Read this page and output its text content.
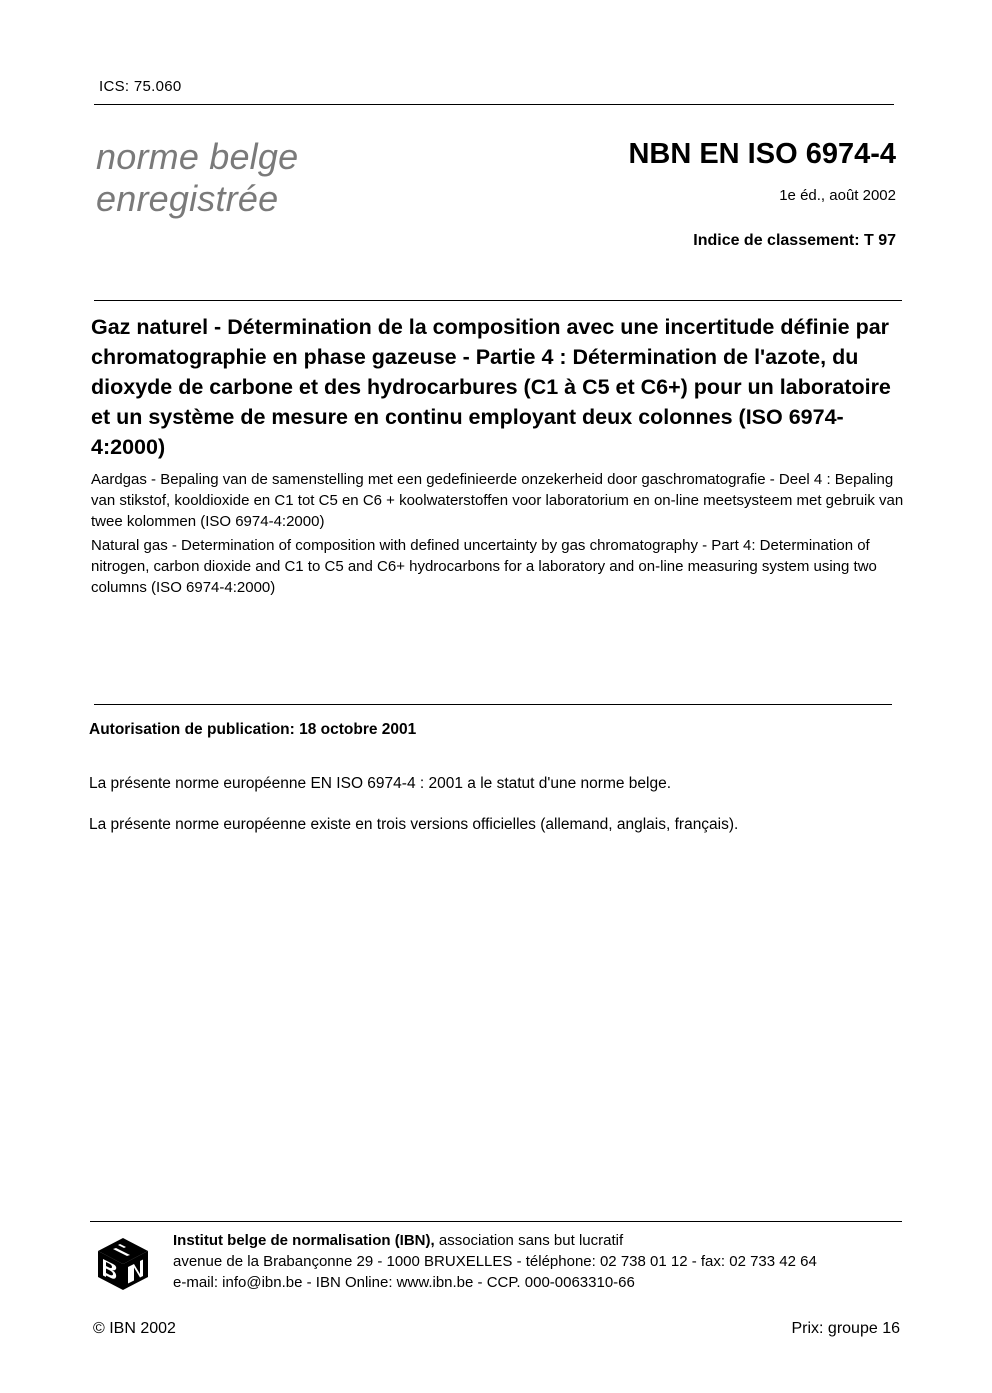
ICS: 75.060
norme belge
enregistrée
NBN EN ISO 6974-4
1e éd., août 2002
Indice de classement: T 97
Gaz naturel - Détermination de la composition avec une incertitude définie par chromatographie en phase gazeuse - Partie 4 : Détermination de l'azote, du dioxyde de carbone et des hydrocarbures (C1 à C5 et C6+) pour un laboratoire et un système de mesure en continu employant deux colonnes (ISO 6974-4:2000)
Aardgas - Bepaling van de samenstelling met een gedefinieerde onzekerheid door gaschromatografie - Deel 4 : Bepaling van stikstof, kooldioxide en C1 tot C5 en C6 + koolwaterstoffen voor laboratorium en on-line meetsysteem met gebruik van twee kolommen (ISO 6974-4:2000)
Natural gas - Determination of composition with defined uncertainty by gas chromatography - Part 4: Determination of nitrogen, carbon dioxide and C1 to C5 and C6+ hydrocarbons for a laboratory and on-line measuring system using two columns (ISO 6974-4:2000)
Autorisation de publication: 18 octobre 2001
La présente norme européenne EN ISO 6974-4 : 2001 a le statut d'une norme belge.
La présente norme européenne existe en trois versions officielles (allemand, anglais, français).
Institut belge de normalisation (IBN), association sans but lucratif
avenue de la Brabançonne 29 - 1000 BRUXELLES - téléphone: 02 738 01 12 - fax: 02 733 42 64
e-mail: info@ibn.be - IBN Online: www.ibn.be - CCP. 000-0063310-66
© IBN 2002	Prix: groupe 16
